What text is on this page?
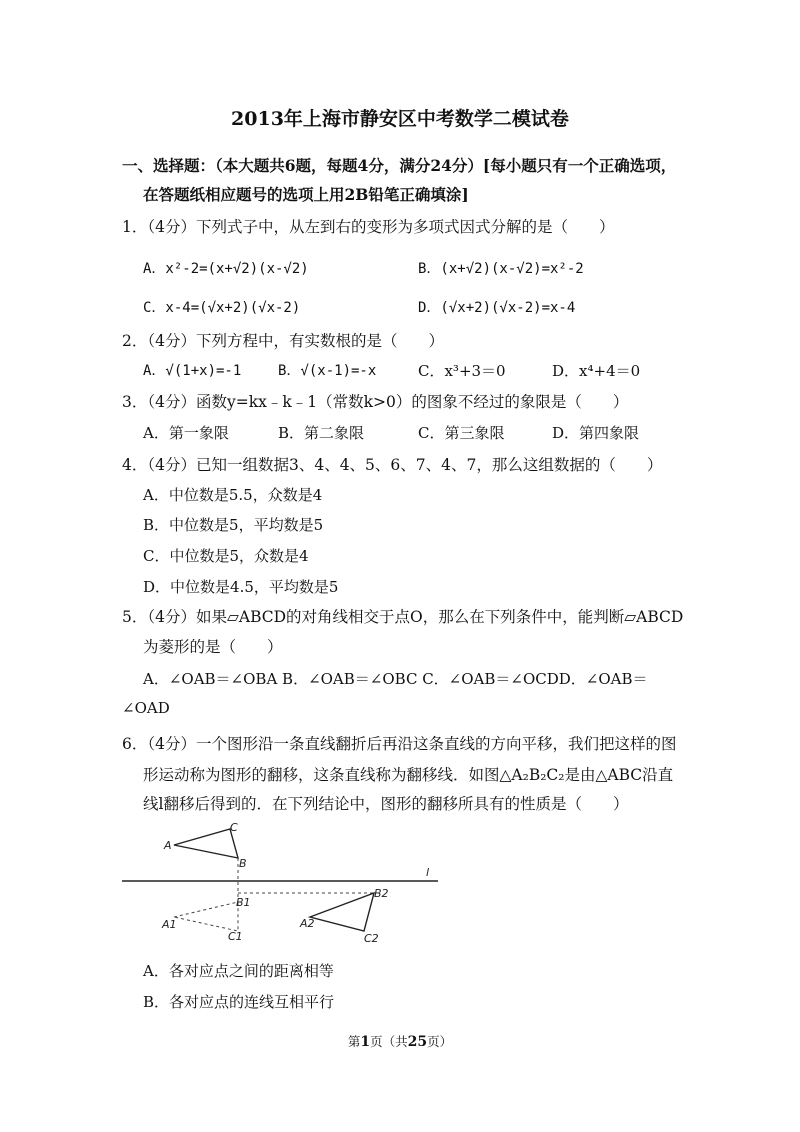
2013年上海市静安区中考数学二模试卷
一、选择题：（本大题共6题，每题4分，满分24分）[每小题只有一个正确选项，
在答题纸相应题号的选项上用2B铅笔正确填涂]
1．（4分）下列式子中，从左到右的变形为多项式因式分解的是（　　）
A．x²-2=(x+√2)(x-√2)	B．(x+√2)(x-√2)=x²-2
C．x-4=(√x+2)(√x-2)	D．(√x+2)(√x-2)=x-4
2．（4分）下列方程中，有实数根的是（　　）
A．√(1+x)=-1	B．√(x-1)=-x	C．x³+3＝0	D．x⁴+4＝0
3．（4分）函数y=kx﹣k﹣1（常数k>0）的图象不经过的象限是（　　）
A．第一象限	B．第二象限	C．第三象限	D．第四象限
4．（4分）已知一组数据3、4、4、5、6、7、4、7，那么这组数据的（　　）
A．中位数是5.5，众数是4
B．中位数是5，平均数是5
C．中位数是5，众数是4
D．中位数是4.5，平均数是5
5．（4分）如果▱ABCD的对角线相交于点O，那么在下列条件中，能判断▱ABCD
为菱形的是（　　）
A．∠OAB＝∠OBA B．∠OAB＝∠OBC C．∠OAB＝∠OCDD．∠OAB＝
∠OAD
6．（4分）一个图形沿一条直线翻折后再沿这条直线的方向平移，我们把这样的图
形运动称为图形的翻移，这条直线称为翻移线．如图△A₂B₂C₂是由△ABC沿直
线l翻移后得到的．在下列结论中，图形的翻移所具有的性质是（　　）
A
C
B
l
B1
A1
C1
B2
A2
C2
A．各对应点之间的距离相等
B．各对应点的连线互相平行
第1页（共25页）
